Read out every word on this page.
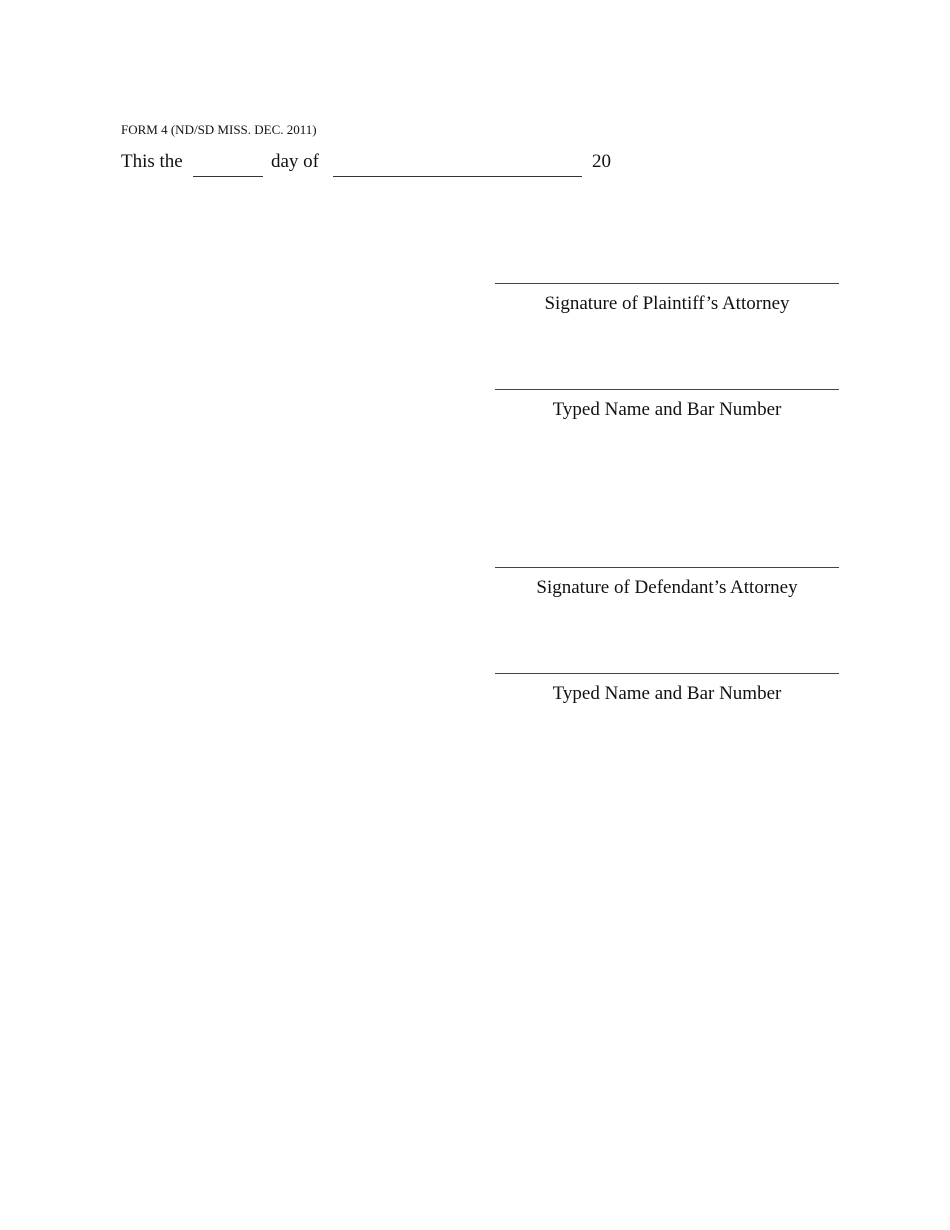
FORM 4 (ND/SD MISS. DEC. 2011)
This the	day of	20
Signature of Plaintiff’s Attorney
Typed Name and Bar Number
Signature of Defendant’s Attorney
Typed Name and Bar Number
